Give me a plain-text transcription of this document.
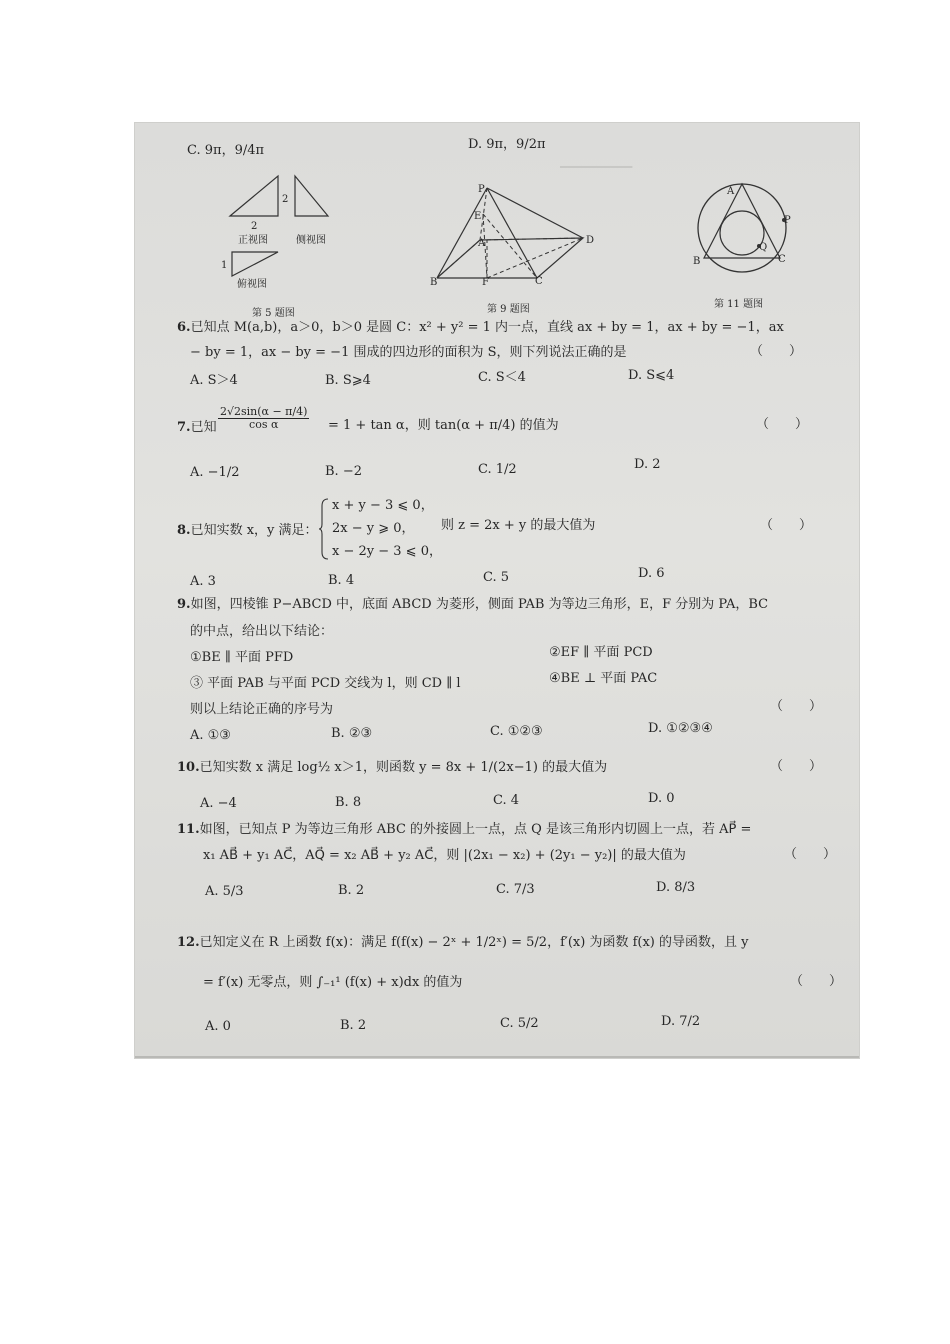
━━━━━━━━━━
C. 9π，9/4π	D. 9π，9/2π
2
2
1
正视图	侧视图
俯视图
第 5 题图
P
E
A	D
B	F	C
第 9 题图
A
P
Q
B	C
第 11 题图
6.已知点 M(a,b)，a＞0，b＞0 是圆 C：x² + y² = 1 内一点，直线 ax + by = 1，ax + by = −1，ax
− by = 1，ax − by = −1 围成的四边形的面积为 S，则下列说法正确的是	（　　）
A. S＞4	B. S⩾4	C. S＜4	D. S⩽4
7.已知 $\frac{2√2\sin(\alpha - \pi/4)}{\text{cos α}} = 1 + \tan \alpha$，则 tan(α + π/4) 的值为	（　　）
A. −1/2	B. −2	C. 1/2	D. 2
8.已知实数 x，y 满足：
x + y − 3 ⩽ 0，
2x − y ⩾ 0，
x − 2y − 3 ⩽ 0，
则 z = 2x + y 的最大值为	（　　）
A. 3	B. 4	C. 5	D. 6
9.如图，四棱锥 P−ABCD 中，底面 ABCD 为菱形，侧面 PAB 为等边三角形，E，F 分别为 PA，BC
的中点，给出以下结论：
①BE ∥ 平面 PFD	②EF ∥ 平面 PCD
③ 平面 PAB 与平面 PCD 交线为 l，则 CD ∥ l	④BE ⊥ 平面 PAC
则以上结论正确的序号为	（　　）
A. ①③	B. ②③	C. ①②③	D. ①②③④
10.已知实数 x 满足 log½ x＞1，则函数 y = 8x + 1/(2x−1) 的最大值为	（　　）
A. −4	B. 8	C. 4	D. 0
11.如图，已知点 P 为等边三角形 ABC 的外接圆上一点，点 Q 是该三角形内切圆上一点，若 AP⃗ =
x₁ AB⃗ + y₁ AC⃗，AQ⃗ = x₂ AB⃗ + y₂ AC⃗，则 |(2x₁ − x₂) + (2y₁ − y₂)| 的最大值为	（　　）
A. 5/3	B. 2	C. 7/3	D. 8/3
12.已知定义在 R 上函数 f(x)：满足 f(f(x) − 2ˣ + 1/2ˣ) = 5/2，f′(x) 为函数 f(x) 的导函数，且 y
= f′(x) 无零点，则 ∫₋₁¹ (f(x) + x)dx 的值为	（　　）
A. 0	B. 2	C. 5/2	D. 7/2
